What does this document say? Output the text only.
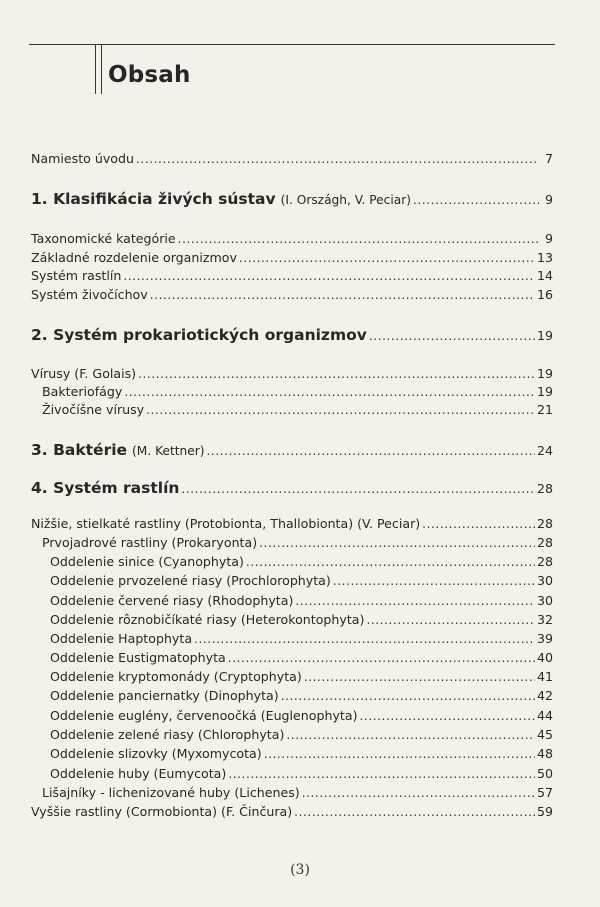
Obsah
Namiesto úvodu .....	7
1. Klasifikácia živých sústav (I. Országh, V. Peciar) .....	9
Taxonomické kategórie .....	9
Základné rozdelenie organizmov .....	13
Systém rastlín .....	14
Systém živočíchov .....	16
2. Systém prokariotických organizmov .....	19
Vírusy (F. Golais) .....	19
Bakteriofágy .....	19
Živočíšne vírusy .....	21
3. Baktérie (M. Kettner) .....	24
4. Systém rastlín .....	28
Nižšie, stielkaté rastliny (Protobionta, Thallobionta) (V. Peciar) .....	28
Prvojadrové rastliny (Prokaryonta) .....	28
Oddelenie sinice (Cyanophyta) .....	28
Oddelenie prvozelené riasy (Prochlorophyta) .....	30
Oddelenie červené riasy (Rhodophyta) .....	30
Oddelenie rôznobičíkaté riasy (Heterokontophyta) .....	32
Oddelenie Haptophyta .....	39
Oddelenie Eustigmatophyta .....	40
Oddelenie kryptomonády (Cryptophyta) .....	41
Oddelenie panciernatky (Dinophyta) .....	42
Oddelenie euglény, červenoočká (Euglenophyta) .....	44
Oddelenie zelené riasy (Chlorophyta) .....	45
Oddelenie slizovky (Myxomycota) .....	48
Oddelenie huby (Eumycota) .....	50
Lišajníky - lichenizované huby (Lichenes) .....	57
Vyššie rastliny (Cormobionta) (F. Činčura) .....	59
(3)
